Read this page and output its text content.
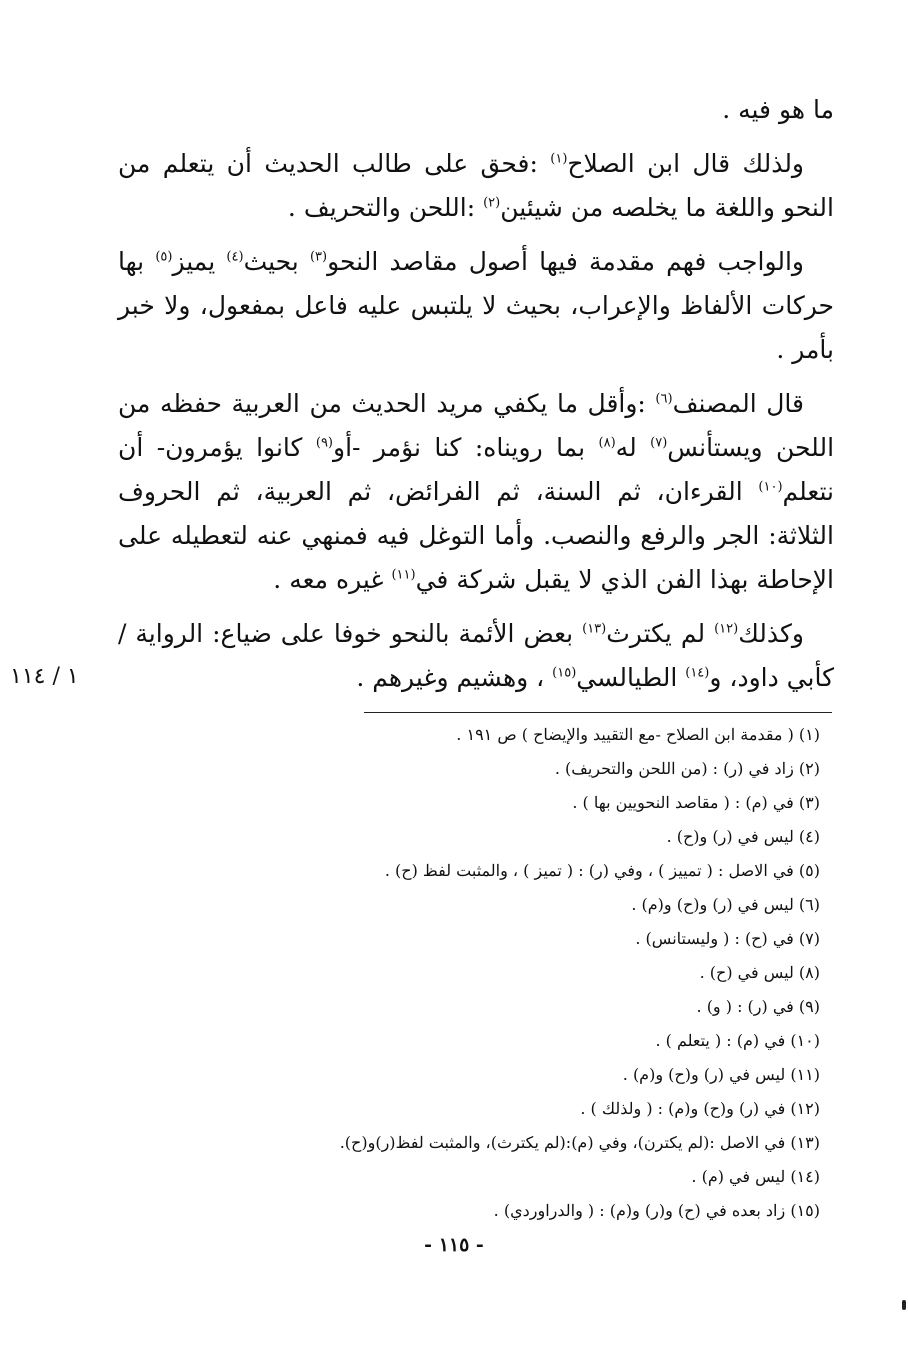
ما هو فيه .

ولذلك قال ابن الصلاح$^{(١)}$ :فحق على طالب الحديث أن يتعلم من النحو واللغة ما يخلصه من شيئين$^{(٢)}$ :اللحن والتحريف .

والواجب فهم مقدمة فيها أصول مقاصد النحو$^{(٣)}$ بحيث$^{(٤)}$ يميز$^{(٥)}$ بها حركات الألفاظ والإعراب، بحيث لا يلتبس عليه فاعل بمفعول، ولا خبر بأمر .

قال المصنف$^{(٦)}$ :وأقل ما يكفي مريد الحديث من العربية حفظه من اللحن ويستأنس$^{(٧)}$ له$^{(٨)}$ بما رويناه: كنا نؤمر -أو$^{(٩)}$ كانوا يؤمرون- أن نتعلم$^{(١٠)}$ القرءان، ثم السنة، ثم الفرائض، ثم العربية، ثم الحروف الثلاثة: الجر والرفع والنصب. وأما التوغل فيه فمنهي عنه لتعطيله على الإحاطة بهذا الفن الذي لا يقبل شركة في$^{(١١)}$ غيره معه .

وكذلك$^{(١٢)}$ لم يكترث$^{(١٣)}$ بعض الأئمة بالنحو خوفا على ضياع: الرواية /كأبي داود، و$^{(١٤)}$ الطيالسي$^{(١٥)}$ ، وهشيم وغيرهم .

١ / ١١٤
(١) ( مقدمة ابن الصلاح -مع التقييد والإيضاح ) ص ١٩١ .
(٢) زاد في (ر) : (من اللحن والتحريف) .
(٣) في (م) : ( مقاصد النحويين بها ) .
(٤) ليس في (ر) و(ح) .
(٥) في الاصل : ( تمييز ) ، وفي (ر) : ( تميز ) ، والمثبت لفظ (ح) .
(٦) ليس في (ر) و(ح) و(م) .
(٧) في (ح) : ( وليستانس) .
(٨) ليس في (ح) .
(٩) في (ر) : ( و) .
(١٠) في (م) : ( يتعلم ) .
(١١) ليس في (ر) و(ح) و(م) .
(١٢) في (ر) و(ح) و(م) : ( ولذلك ) .
(١٣) في الاصل :(لم يكترن)، وفي (م):(لم يكترث)، والمثبت لفظ(ر)و(ح).
(١٤) ليس في (م) .
(١٥) زاد بعده في (ح) و(ر) و(م) : ( والدراوردي) .
- ١١٥ -
